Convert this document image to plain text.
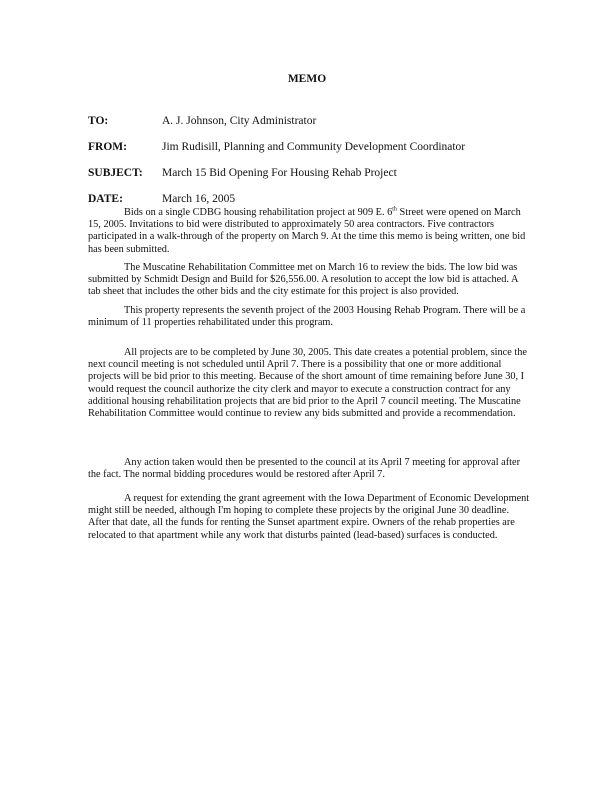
MEMO
TO:	A. J. Johnson, City Administrator
FROM:	Jim Rudisill, Planning and Community Development Coordinator
SUBJECT: March 15 Bid Opening For Housing Rehab Project
DATE:	March 16, 2005
Bids on a single CDBG housing rehabilitation project at 909 E. 6th Street were opened on March
15, 2005. Invitations to bid were distributed to approximately 50 area contractors. Five contractors
participated in a walk-through of the property on March 9. At the time this memo is being written, one bid
has been submitted.
The Muscatine Rehabilitation Committee met on March 16 to review the bids. The low bid was
submitted by Schmidt Design and Build for $26,556.00. A resolution to accept the low bid is attached. A
tab sheet that includes the other bids and the city estimate for this project is also provided.
This property represents the seventh project of the 2003 Housing Rehab Program. There will be a
minimum of 11 properties rehabilitated under this program.
All projects are to be completed by June 30, 2005. This date creates a potential problem, since the
next council meeting is not scheduled until April 7. There is a possibility that one or more additional
projects will be bid prior to this meeting. Because of the short amount of time remaining before June 30, I
would request the council authorize the city clerk and mayor to execute a construction contract for any
additional housing rehabilitation projects that are bid prior to the April 7 council meeting. The Muscatine
Rehabilitation Committee would continue to review any bids submitted and provide a recommendation.
Any action taken would then be presented to the council at its April 7 meeting for approval after
the fact. The normal bidding procedures would be restored after April 7.
A request for extending the grant agreement with the Iowa Department of Economic Development
might still be needed, although I'm hoping to complete these projects by the original June 30 deadline.
After that date, all the funds for renting the Sunset apartment expire. Owners of the rehab properties are
relocated to that apartment while any work that disturbs painted (lead-based) surfaces is conducted.
